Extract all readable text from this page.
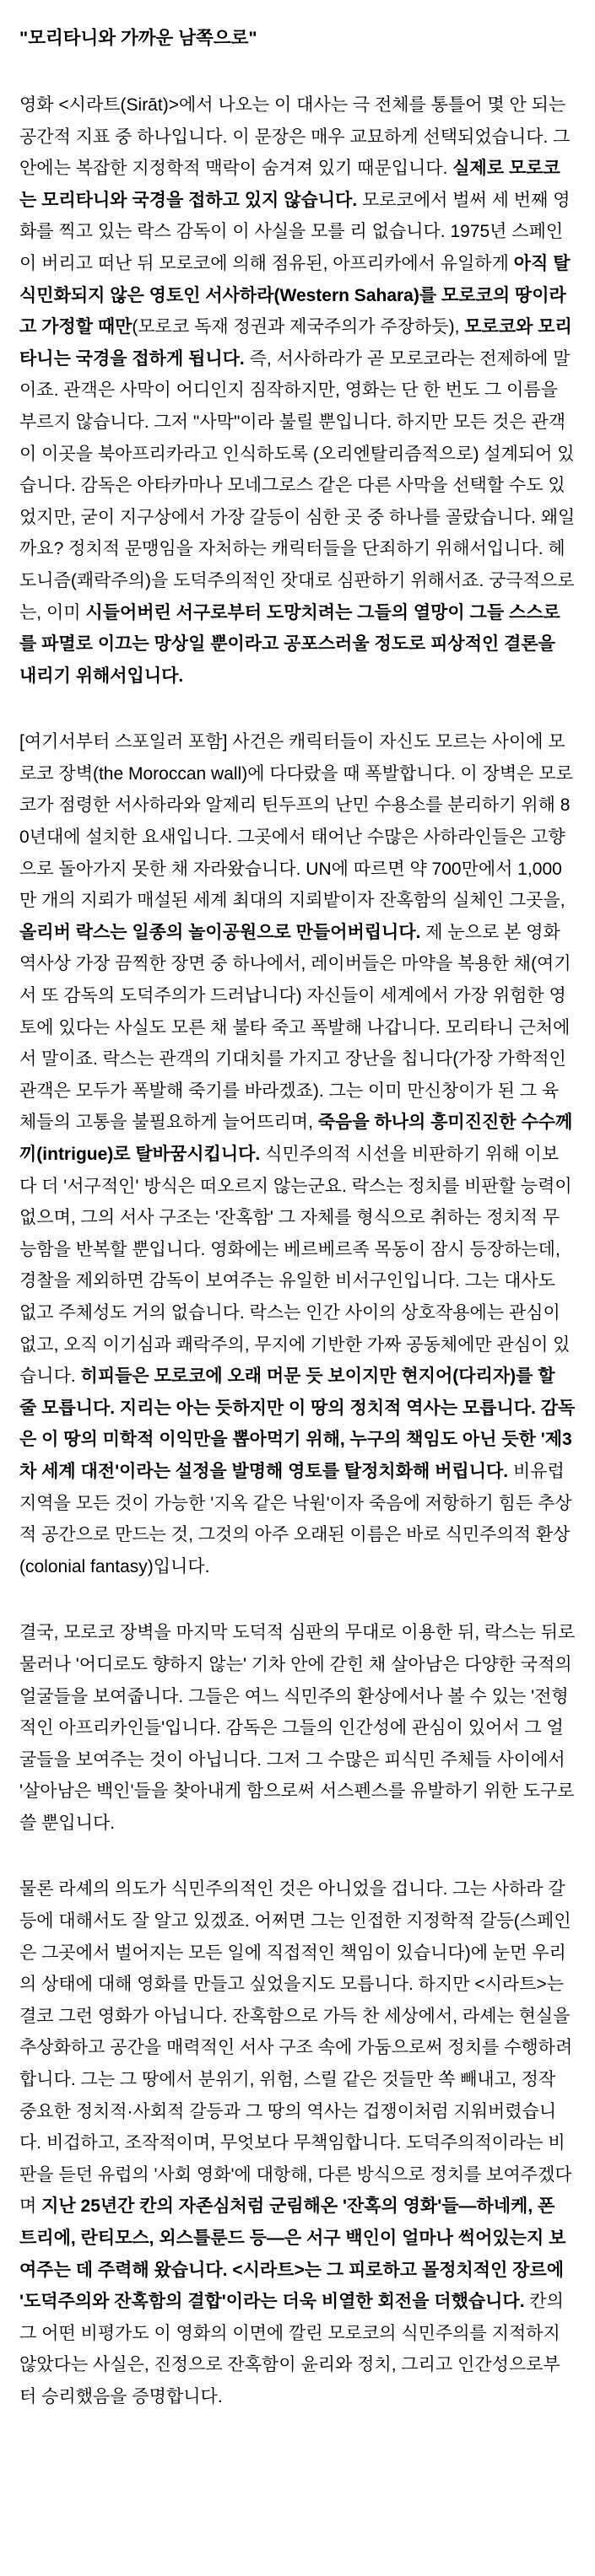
"모리타니와 가까운 남쪽으로"

영화 <시라트(Sirāt)>에서 나오는 이 대사는 극 전체를 통틀어 몇 안 되는 공간적 지표 중 하나입니다. 이 문장은 매우 교묘하게 선택되었습니다. 그 안에는 복잡한 지정학적 맥락이 숨겨져 있기 때문입니다. 실제로 모로코는 모리타니와 국경을 접하고 있지 않습니다. 모로코에서 벌써 세 번째 영화를 찍고 있는 락스 감독이 이 사실을 모를 리 없습니다. 1975년 스페인이 버리고 떠난 뒤 모로코에 의해 점유된, 아프리카에서 유일하게 아직 탈식민화되지 않은 영토인 서사하라(Western Sahara)를 모로코의 땅이라고 가정할 때만(모로코 독재 정권과 제국주의가 주장하듯), 모로코와 모리타니는 국경을 접하게 됩니다. 즉, 서사하라가 곧 모로코라는 전제하에 말이죠. 관객은 사막이 어디인지 짐작하지만, 영화는 단 한 번도 그 이름을 부르지 않습니다. 그저 "사막"이라 불릴 뿐입니다. 하지만 모든 것은 관객이 이곳을 북아프리카라고 인식하도록 (오리엔탈리즘적으로) 설계되어 있습니다. 감독은 아타카마나 모네그로스 같은 다른 사막을 선택할 수도 있었지만, 굳이 지구상에서 가장 갈등이 심한 곳 중 하나를 골랐습니다. 왜일까요? 정치적 문맹임을 자처하는 캐릭터들을 단죄하기 위해서입니다. 헤도니즘(쾌락주의)을 도덕주의적인 잣대로 심판하기 위해서죠. 궁극적으로는, 이미 시들어버린 서구로부터 도망치려는 그들의 열망이 그들 스스로를 파멸로 이끄는 망상일 뿐이라고 공포스러울 정도로 피상적인 결론을 내리기 위해서입니다.

[여기서부터 스포일러 포함] 사건은 캐릭터들이 자신도 모르는 사이에 모로코 장벽(the Moroccan wall)에 다다랐을 때 폭발합니다. 이 장벽은 모로코가 점령한 서사하라와 알제리 틴두프의 난민 수용소를 분리하기 위해 80년대에 설치한 요새입니다. 그곳에서 태어난 수많은 사하라인들은 고향으로 돌아가지 못한 채 자라왔습니다. UN에 따르면 약 700만에서 1,000만 개의 지뢰가 매설된 세계 최대의 지뢰밭이자 잔혹함의 실체인 그곳을, 올리버 락스는 일종의 놀이공원으로 만들어버립니다. 제 눈으로 본 영화 역사상 가장 끔찍한 장면 중 하나에서, 레이버들은 마약을 복용한 채(여기서 또 감독의 도덕주의가 드러납니다) 자신들이 세계에서 가장 위험한 영토에 있다는 사실도 모른 채 불타 죽고 폭발해 나갑니다. 모리타니 근처에서 말이죠. 락스는 관객의 기대치를 가지고 장난을 칩니다(가장 가학적인 관객은 모두가 폭발해 죽기를 바라겠죠). 그는 이미 만신창이가 된 그 육체들의 고통을 불필요하게 늘어뜨리며, 죽음을 하나의 흥미진진한 수수께끼(intrigue)로 탈바꿈시킵니다. 식민주의적 시선을 비판하기 위해 이보다 더 '서구적인' 방식은 떠오르지 않는군요. 락스는 정치를 비판할 능력이 없으며, 그의 서사 구조는 '잔혹함' 그 자체를 형식으로 취하는 정치적 무능함을 반복할 뿐입니다. 영화에는 베르베르족 목동이 잠시 등장하는데, 경찰을 제외하면 감독이 보여주는 유일한 비서구인입니다. 그는 대사도 없고 주체성도 거의 없습니다. 락스는 인간 사이의 상호작용에는 관심이 없고, 오직 이기심과 쾌락주의, 무지에 기반한 가짜 공동체에만 관심이 있습니다. 히피들은 모로코에 오래 머문 듯 보이지만 현지어(다리자)를 할 줄 모릅니다. 지리는 아는 듯하지만 이 땅의 정치적 역사는 모릅니다. 감독은 이 땅의 미학적 이익만을 뽑아먹기 위해, 누구의 책임도 아닌 듯한 '제3차 세계 대전'이라는 설정을 발명해 영토를 탈정치화해 버립니다. 비유럽 지역을 모든 것이 가능한 '지옥 같은 낙원'이자 죽음에 저항하기 힘든 추상적 공간으로 만드는 것, 그것의 아주 오래된 이름은 바로 식민주의적 환상(colonial fantasy)입니다.

결국, 모로코 장벽을 마지막 도덕적 심판의 무대로 이용한 뒤, 락스는 뒤로 물러나 '어디로도 향하지 않는' 기차 안에 갇힌 채 살아남은 다양한 국적의 얼굴들을 보여줍니다. 그들은 여느 식민주의 환상에서나 볼 수 있는 '전형적인 아프리카인들'입니다. 감독은 그들의 인간성에 관심이 있어서 그 얼굴들을 보여주는 것이 아닙니다. 그저 그 수많은 피식민 주체들 사이에서 '살아남은 백인'들을 찾아내게 함으로써 서스펜스를 유발하기 위한 도구로 쓸 뿐입니다.

물론 라셰의 의도가 식민주의적인 것은 아니었을 겁니다. 그는 사하라 갈등에 대해서도 잘 알고 있겠죠. 어쩌면 그는 인접한 지정학적 갈등(스페인은 그곳에서 벌어지는 모든 일에 직접적인 책임이 있습니다)에 눈먼 우리의 상태에 대해 영화를 만들고 싶었을지도 모릅니다. 하지만 <시라트>는 결코 그런 영화가 아닙니다. 잔혹함으로 가득 찬 세상에서, 라셰는 현실을 추상화하고 공간을 매력적인 서사 구조 속에 가둠으로써 정치를 수행하려 합니다. 그는 그 땅에서 분위기, 위험, 스릴 같은 것들만 쏙 빼내고, 정작 중요한 정치적·사회적 갈등과 그 땅의 역사는 겁쟁이처럼 지워버렸습니다. 비겁하고, 조작적이며, 무엇보다 무책임합니다. 도덕주의적이라는 비판을 듣던 유럽의 '사회 영화'에 대항해, 다른 방식으로 정치를 보여주겠다며 지난 25년간 칸의 자존심처럼 군림해온 '잔혹의 영화'들—하네케, 폰 트리에, 란티모스, 외스틀룬드 등—은 서구 백인이 얼마나 썩어있는지 보여주는 데 주력해 왔습니다. <시라트>는 그 피로하고 몰정치적인 장르에 '도덕주의와 잔혹함의 결합'이라는 더욱 비열한 회전을 더했습니다. 칸의 그 어떤 비평가도 이 영화의 이면에 깔린 모로코의 식민주의를 지적하지 않았다는 사실은, 진정으로 잔혹함이 윤리와 정치, 그리고 인간성으로부터 승리했음을 증명합니다.
